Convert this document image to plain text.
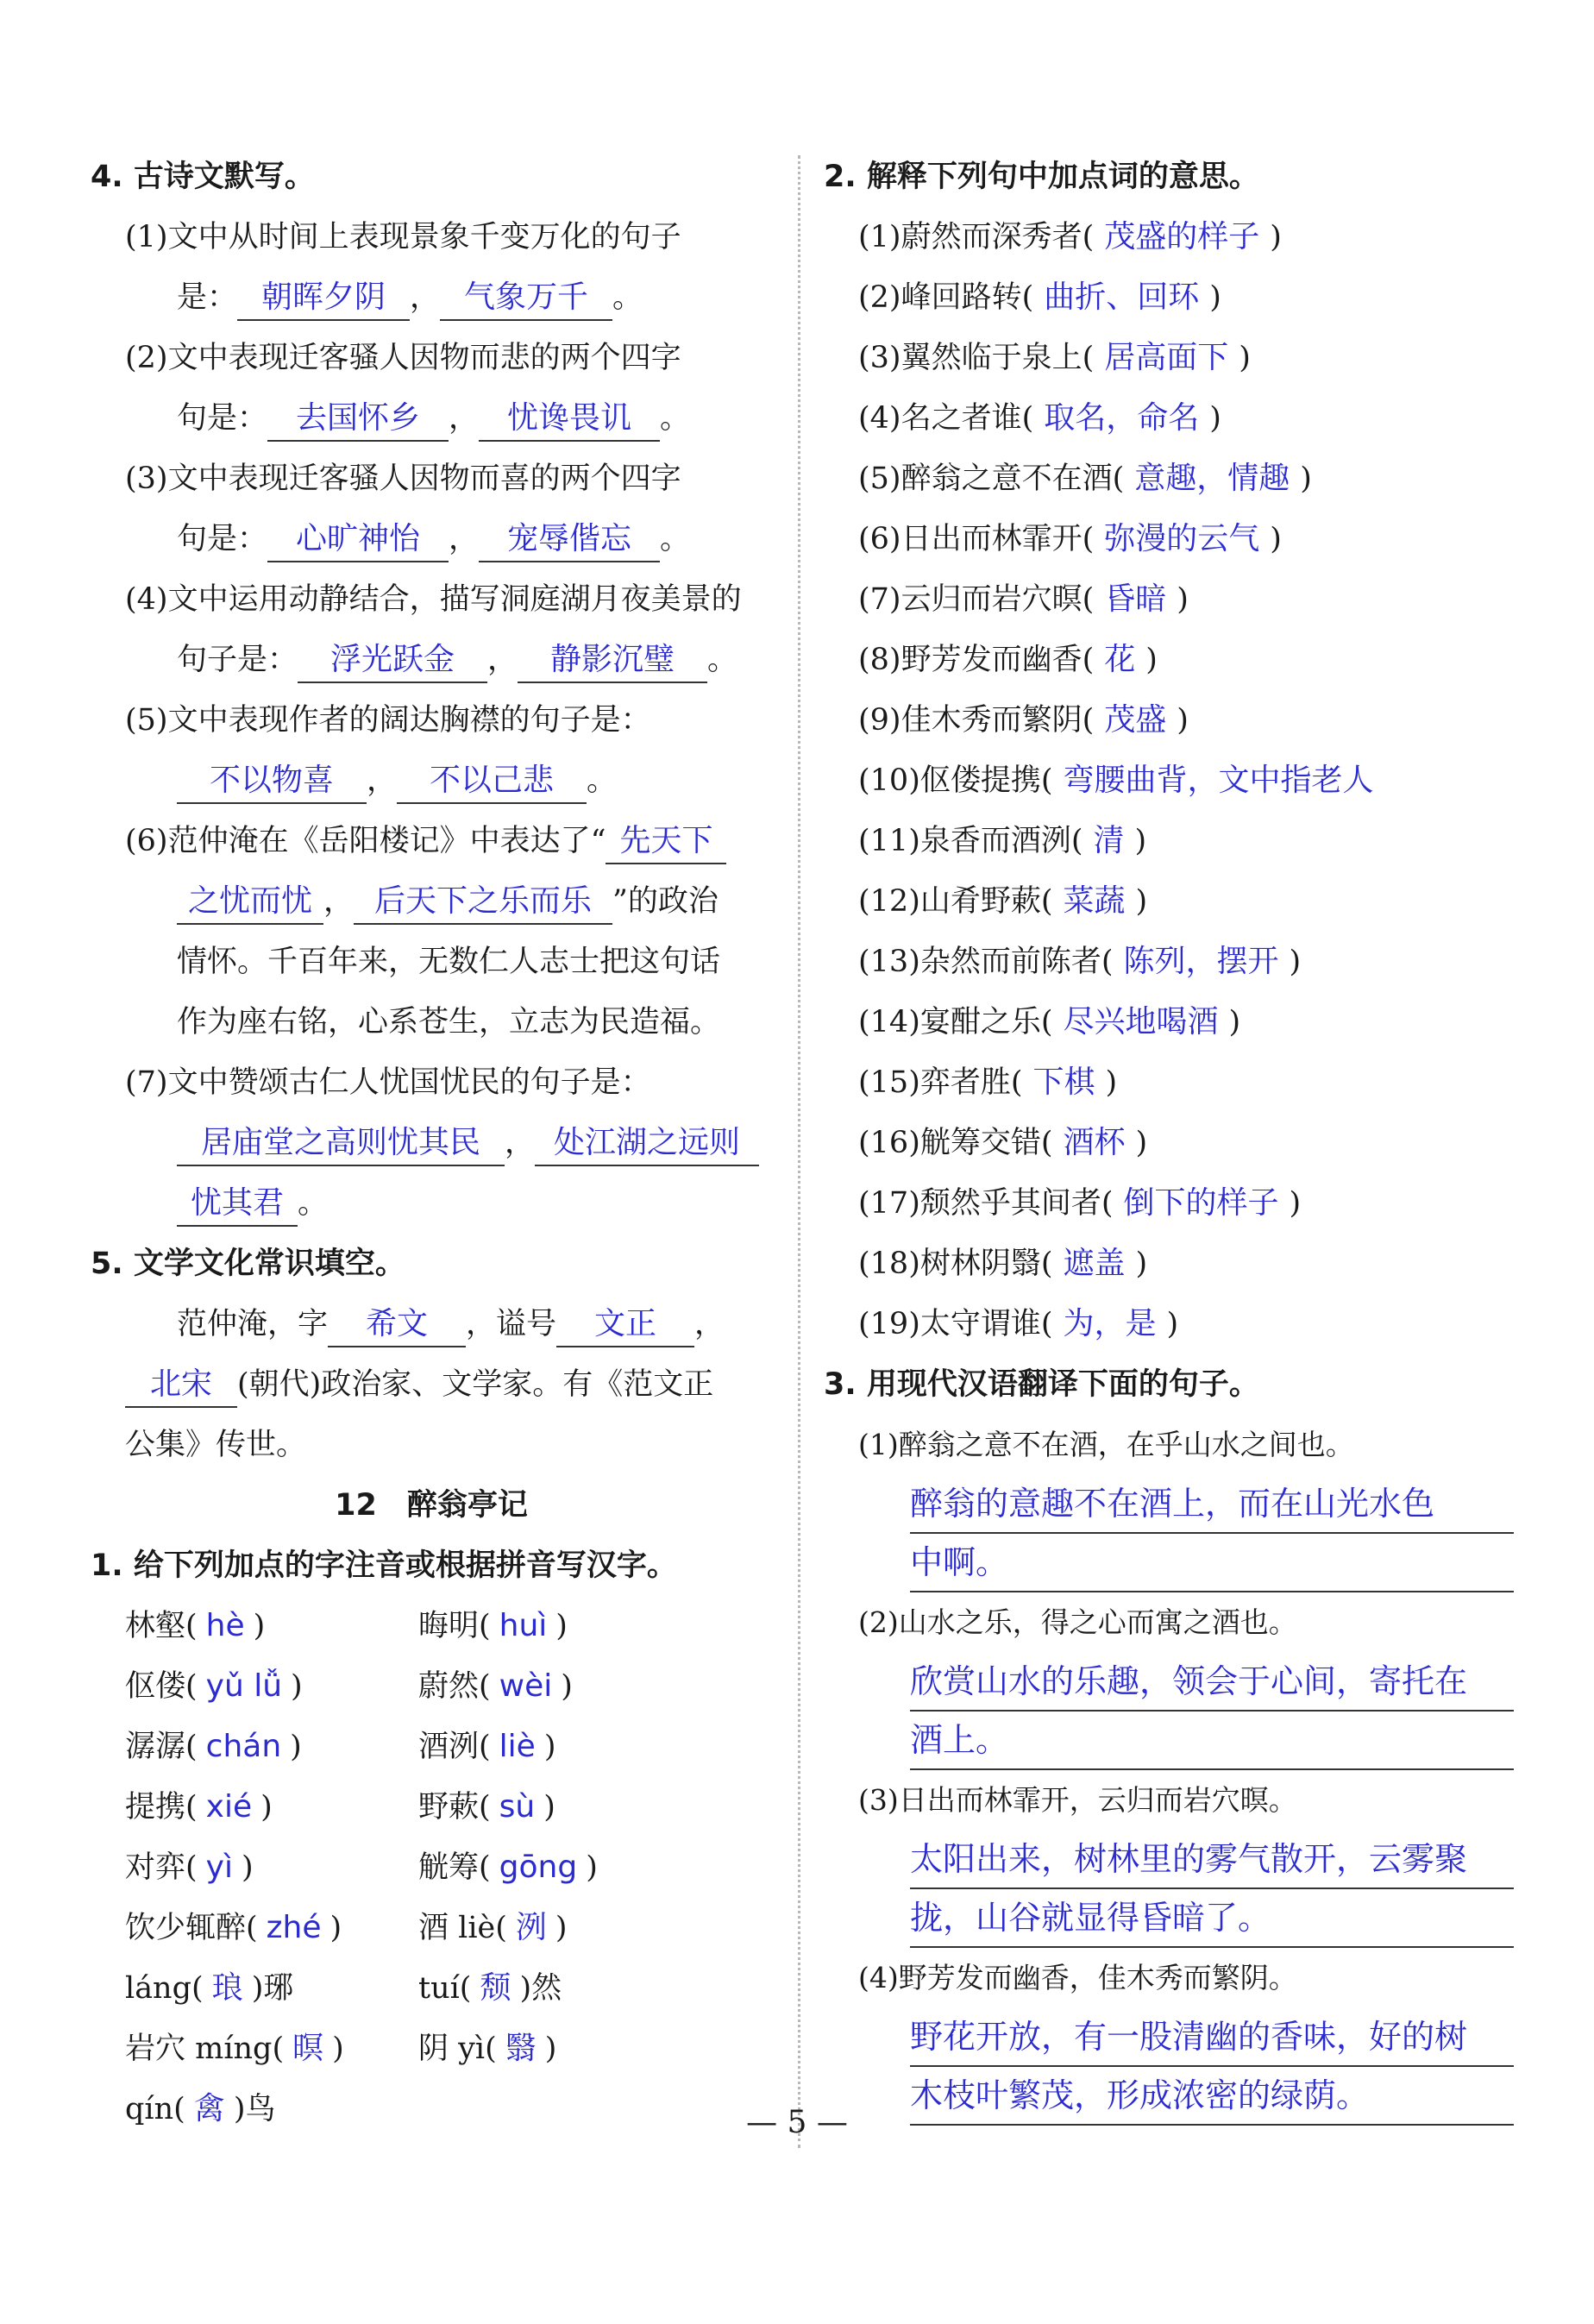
4. 古诗文默写。
(1)文中从时间上表现景象千变万化的句子
是： 朝晖夕阴 ， 气象万千 。
(2)文中表现迁客骚人因物而悲的两个四字
句是： 去国怀乡 ， 忧谗畏讥 。
(3)文中表现迁客骚人因物而喜的两个四字
句是： 心旷神怡 ， 宠辱偕忘 。
(4)文中运用动静结合，描写洞庭湖月夜美景的
句子是： 浮光跃金 ， 静影沉璧 。
(5)文中表现作者的阔达胸襟的句子是：
不以物喜 ， 不以己悲 。
(6)范仲淹在《岳阳楼记》中表达了“ 先天下
之忧而忧 ， 后天下之乐而乐 ”的政治
情怀。千百年来，无数仁人志士把这句话
作为座右铭，心系苍生，立志为民造福。
(7)文中赞颂古仁人忧国忧民的句子是：
居庙堂之高则忧其民 ， 处江湖之远则
忧其君 。
5. 文学文化常识填空。
范仲淹，字 希文 ，谥号 文正 ，
北宋 (朝代)政治家、文学家。有《范文正
公集》传世。
12　醉翁亭记
1. 给下列加点的字注音或根据拼音写汉字。
林壑( hè )	晦明( huì )
伛偻( yǔ lǚ )	蔚然( wèi )
潺潺( chán )	酒洌( liè )
提携( xié )	野蔌( sù )
对弈( yì )	觥筹( gōng )
饮少辄醉( zhé )	酒 liè( 洌 )
láng( 琅 )琊	tuí( 颓 )然
岩穴 míng( 暝 )	阴 yì( 翳 )
qín( 禽 )鸟
2. 解释下列句中加点词的意思。
(1)蔚然而深秀者( 茂盛的样子 )
(2)峰回路转( 曲折、回环 )
(3)翼然临于泉上( 居高面下 )
(4)名之者谁( 取名，命名 )
(5)醉翁之意不在酒( 意趣，情趣 )
(6)日出而林霏开( 弥漫的云气 )
(7)云归而岩穴暝( 昏暗 )
(8)野芳发而幽香( 花 )
(9)佳木秀而繁阴( 茂盛 )
(10)伛偻提携( 弯腰曲背，文中指老人
(11)泉香而酒洌( 清 )
(12)山肴野蔌( 菜蔬 )
(13)杂然而前陈者( 陈列，摆开 )
(14)宴酣之乐( 尽兴地喝酒 )
(15)弈者胜( 下棋 )
(16)觥筹交错( 酒杯 )
(17)颓然乎其间者( 倒下的样子 )
(18)树林阴翳( 遮盖 )
(19)太守谓谁( 为，是 )
3. 用现代汉语翻译下面的句子。
(1)醉翁之意不在酒，在乎山水之间也。
醉翁的意趣不在酒上，而在山光水色
中啊。
(2)山水之乐，得之心而寓之酒也。
欣赏山水的乐趣，领会于心间，寄托在
酒上。
(3)日出而林霏开，云归而岩穴暝。
太阳出来，树林里的雾气散开，云雾聚
拢，山谷就显得昏暗了。
(4)野芳发而幽香，佳木秀而繁阴。
野花开放，有一股清幽的香味，好的树
木枝叶繁茂，形成浓密的绿荫。
— 5 —
